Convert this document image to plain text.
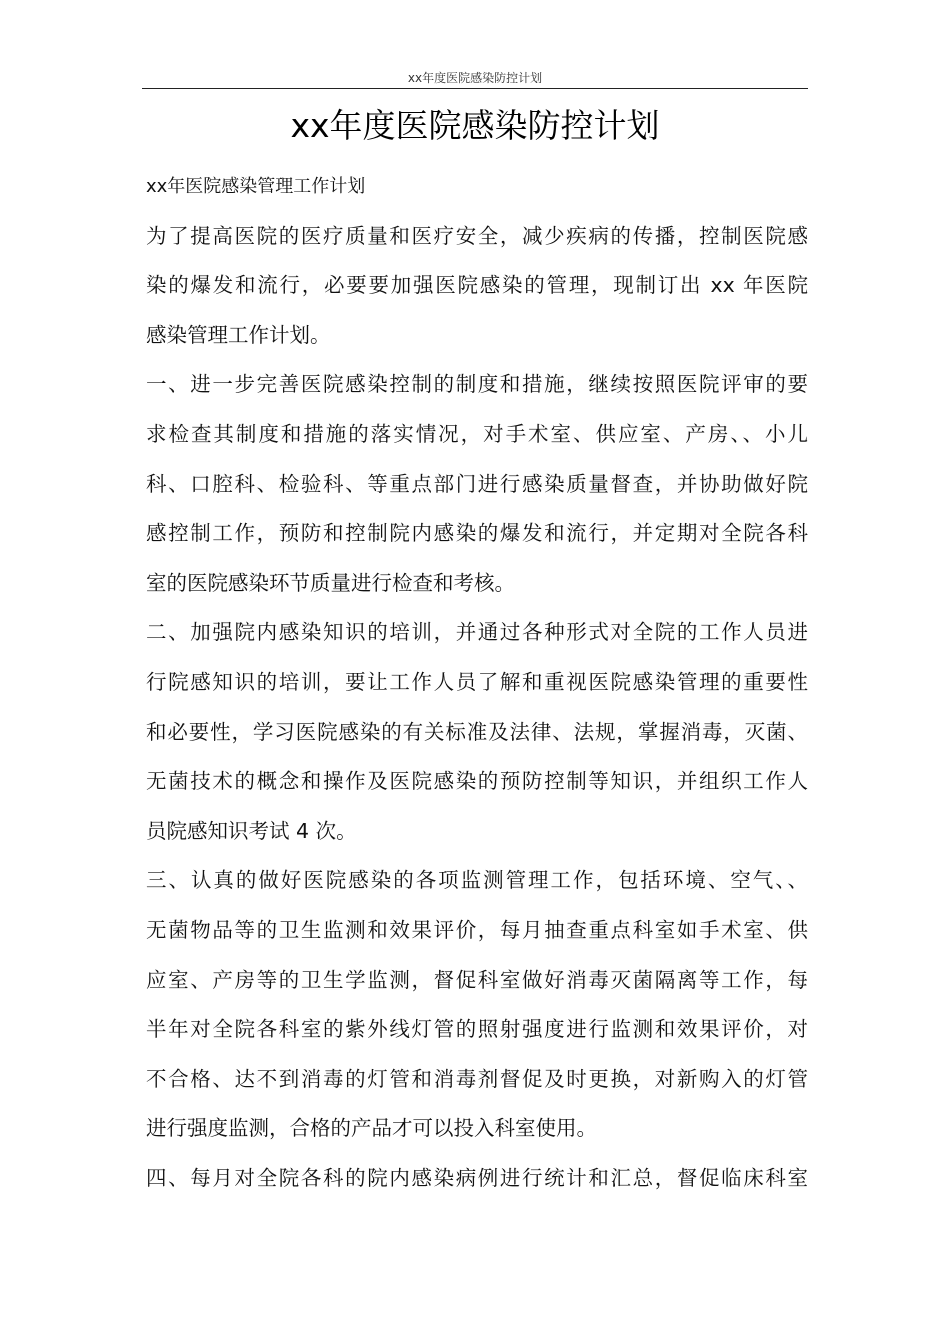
xx年度医院感染防控计划
xx年度医院感染防控计划
xx年医院感染管理工作计划
为了提高医院的医疗质量和医疗安全，减少疾病的传播，控制医院感
染的爆发和流行，必要要加强医院感染的管理，现制订出 xx 年医院
感染管理工作计划。
一、进一步完善医院感染控制的制度和措施，继续按照医院评审的要
求检查其制度和措施的落实情况，对手术室、供应室、产房、、小儿
科、口腔科、检验科、等重点部门进行感染质量督查，并协助做好院
感控制工作，预防和控制院内感染的爆发和流行，并定期对全院各科
室的医院感染环节质量进行检查和考核。
二、加强院内感染知识的培训，并通过各种形式对全院的工作人员进
行院感知识的培训，要让工作人员了解和重视医院感染管理的重要性
和必要性，学习医院感染的有关标准及法律、法规，掌握消毒，灭菌、
无菌技术的概念和操作及医院感染的预防控制等知识，并组织工作人
员院感知识考试 4 次。
三、认真的做好医院感染的各项监测管理工作，包括环境、空气、、
无菌物品等的卫生监测和效果评价，每月抽查重点科室如手术室、供
应室、产房等的卫生学监测，督促科室做好消毒灭菌隔离等工作，每
半年对全院各科室的紫外线灯管的照射强度进行监测和效果评价，对
不合格、达不到消毒的灯管和消毒剂督促及时更换，对新购入的灯管
进行强度监测，合格的产品才可以投入科室使用。
四、每月对全院各科的院内感染病例进行统计和汇总，督促临床科室
